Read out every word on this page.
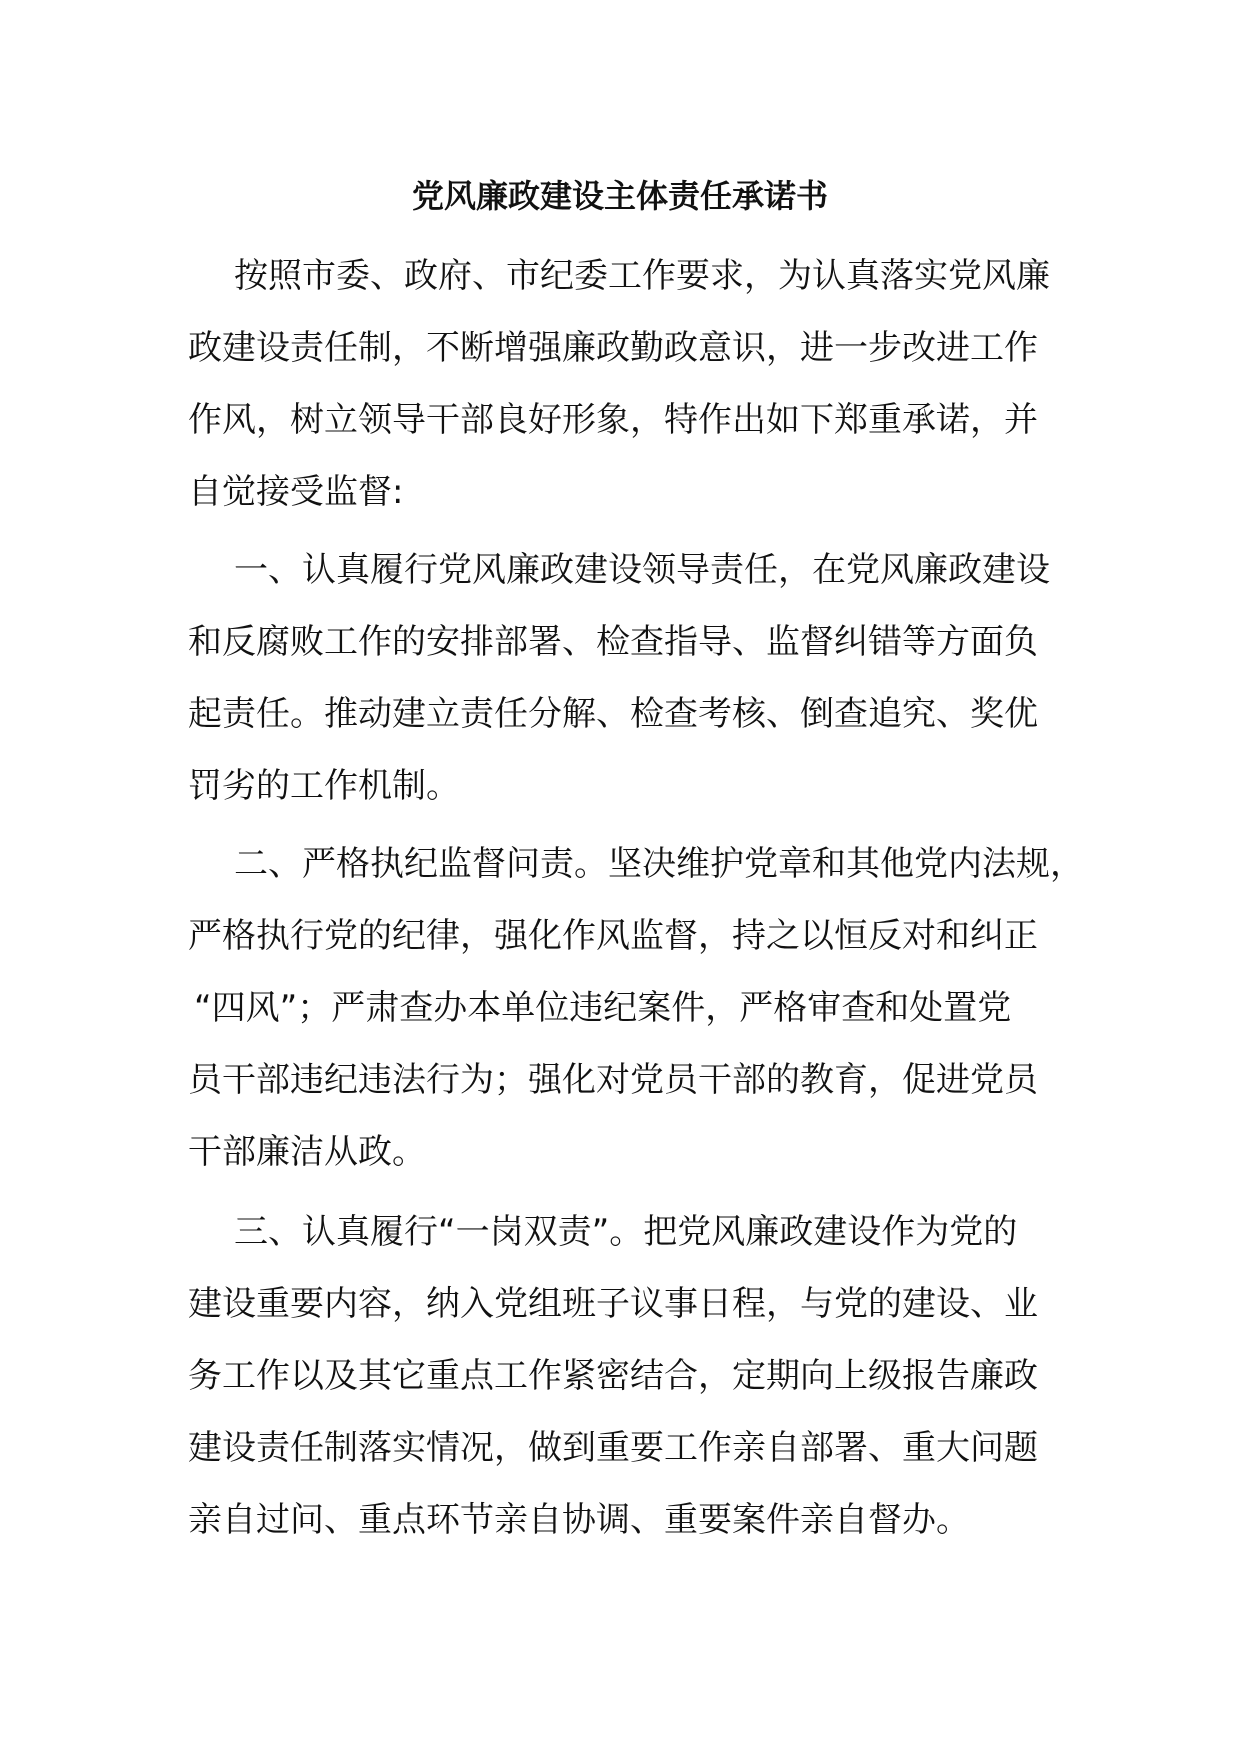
党风廉政建设主体责任承诺书
按照市委、政府、市纪委工作要求，为认真落实党风廉
政建设责任制，不断增强廉政勤政意识，进一步改进工作
作风，树立领导干部良好形象，特作出如下郑重承诺，并
自觉接受监督:
一、认真履行党风廉政建设领导责任，在党风廉政建设
和反腐败工作的安排部署、检查指导、监督纠错等方面负
起责任。推动建立责任分解、检查考核、倒查追究、奖优
罚劣的工作机制。
二、严格执纪监督问责。坚决维护党章和其他党内法规，
严格执行党的纪律，强化作风监督，持之以恒反对和纠正
“四风”；严肃查办本单位违纪案件，严格审查和处置党
员干部违纪违法行为；强化对党员干部的教育，促进党员
干部廉洁从政。
三、认真履行“一岗双责”。把党风廉政建设作为党的
建设重要内容，纳入党组班子议事日程，与党的建设、业
务工作以及其它重点工作紧密结合，定期向上级报告廉政
建设责任制落实情况，做到重要工作亲自部署、重大问题
亲自过问、重点环节亲自协调、重要案件亲自督办。
